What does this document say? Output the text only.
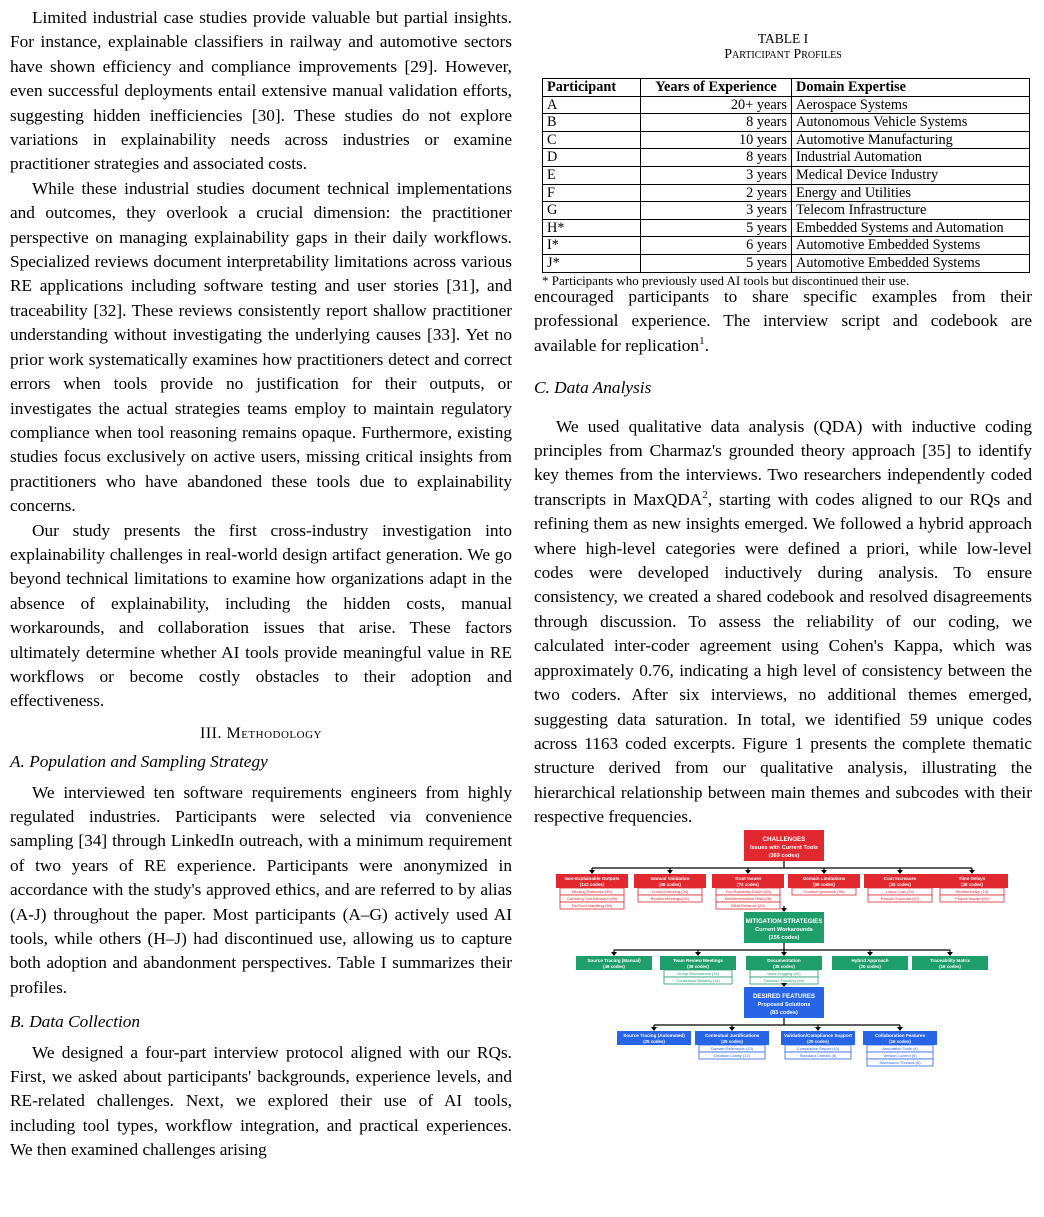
Limited industrial case studies provide valuable but partial insights. For instance, explainable classifiers in railway and automotive sectors have shown efficiency and compliance improvements [29]. However, even successful deployments entail extensive manual validation efforts, suggesting hidden inefficiencies [30]. These studies do not explore variations in explainability needs across industries or examine practitioner strategies and associated costs.

While these industrial studies document technical implementations and outcomes, they overlook a crucial dimension: the practitioner perspective on managing explainability gaps in their daily workflows. Specialized reviews document interpretability limitations across various RE applications including software testing and user stories [31], and traceability [32]. These reviews consistently report shallow practitioner understanding without investigating the underlying causes [33]. Yet no prior work systematically examines how practitioners detect and correct errors when tools provide no justification for their outputs, or investigates the actual strategies teams employ to maintain regulatory compliance when tool reasoning remains opaque. Furthermore, existing studies focus exclusively on active users, missing critical insights from practitioners who have abandoned these tools due to explainability concerns.

Our study presents the first cross-industry investigation into explainability challenges in real-world design artifact generation. We go beyond technical limitations to examine how organizations adapt in the absence of explainability, including the hidden costs, manual workarounds, and collaboration issues that arise. These factors ultimately determine whether AI tools provide meaningful value in RE workflows or become costly obstacles to their adoption and effectiveness.

III. Methodology
A. Population and Sampling Strategy

We interviewed ten software requirements engineers from highly regulated industries. Participants were selected via convenience sampling [34] through LinkedIn outreach, with a minimum requirement of two years of RE experience. Participants were anonymized in accordance with the study's approved ethics, and are referred to by alias (A-J) throughout the paper. Most participants (A–G) actively used AI tools, while others (H–J) had discontinued use, allowing us to capture both adoption and abandonment perspectives. Table I summarizes their profiles.

B. Data Collection

We designed a four-part interview protocol aligned with our RQs. First, we asked about participants' backgrounds, experience levels, and RE-related challenges. Next, we explored their use of AI tools, including tool types, workflow integration, and practical experiences. We then examined challenges arising

TABLE I
Participant Profiles
Participant	Years of Experience	Domain Expertise
A	20+ years	Aerospace Systems
B	8 years	Autonomous Vehicle Systems
C	10 years	Automotive Manufacturing
D	8 years	Industrial Automation
E	3 years	Medical Device Industry
F	2 years	Energy and Utilities
G	3 years	Telecom Infrastructure
H*	5 years	Embedded Systems and Automation
I*	6 years	Automotive Embedded Systems
J*	5 years	Automotive Embedded Systems
* Participants who previously used AI tools but discontinued their use.

encouraged participants to share specific examples from their professional experience. The interview script and codebook are available for replication$^1$.

C. Data Analysis

We used qualitative data analysis (QDA) with inductive coding principles from Charmaz's grounded theory approach [35] to identify key themes from the interviews. Two researchers independently coded transcripts in MaxQDA$^2$, starting with codes aligned to our RQs and refining them as new insights emerged. We followed a hybrid approach where high-level categories were defined a priori, while low-level codes were developed inductively during analysis. To ensure consistency, we created a shared codebook and resolved disagreements through discussion. To assess the reliability of our coding, we calculated inter-coder agreement using Cohen's Kappa, which was approximately 0.76, indicating a high level of consistency between the two coders. After six interviews, no additional themes emerged, suggesting data saturation. In total, we identified 59 unique codes across 1163 coded excerpts. Figure 1 presents the complete thematic structure derived from our qualitative analysis, illustrating the hierarchical relationship between main themes and subcodes with their respective frequencies.

CHALLENGES
Issues with Current Tools
(369 codes)
Non-Explainable Outputs
(142 codes)
Missing Rationale (48)
Guessing Tool Behavior (46)
No Error Handling (48)
Manual Validation
(65 codes)
Cross-Checking (34)
Review Meetings (31)
Trust Issues
(74 codes)
Tool Reliability Doubt (28)
Misinterpretation Risk (26)
Blind Reliance (20)
Domain Limitations
(58 codes)
Context Ignorance (58)
Cost Increases
(42 codes)
Labor Cost (25)
Rework Expense (17)
Time Delays
(38 codes)
Review Delay (14)
Project Impact (24)
MITIGATION STRATEGIES
Current Workarounds
(156 codes)
Source Tracing (Manual)
(46 codes)
Team Review Meetings
(38 codes)
Group Discussions (24)
Consensus Building (14)
Documentation
(38 codes)
Issue Logging (20)
Decision Tracking (18)
Hybrid Approach
(20 codes)
Traceability Matrix
(16 codes)
DESIRED FEATURES
Proposed Solutions
(83 codes)
Source Tracing (Automated)
(25 codes)
Contextual Justifications
(25 codes)
Domain Relevance (13)
Decision Clarity (12)
Validation/Compliance Support
(20 codes)
Compliance Report (10)
Standard Checks (8)
Collaboration Features
(16 codes)
Annotation Tools (4)
Version Control (6)
Discussion Threads (6)
